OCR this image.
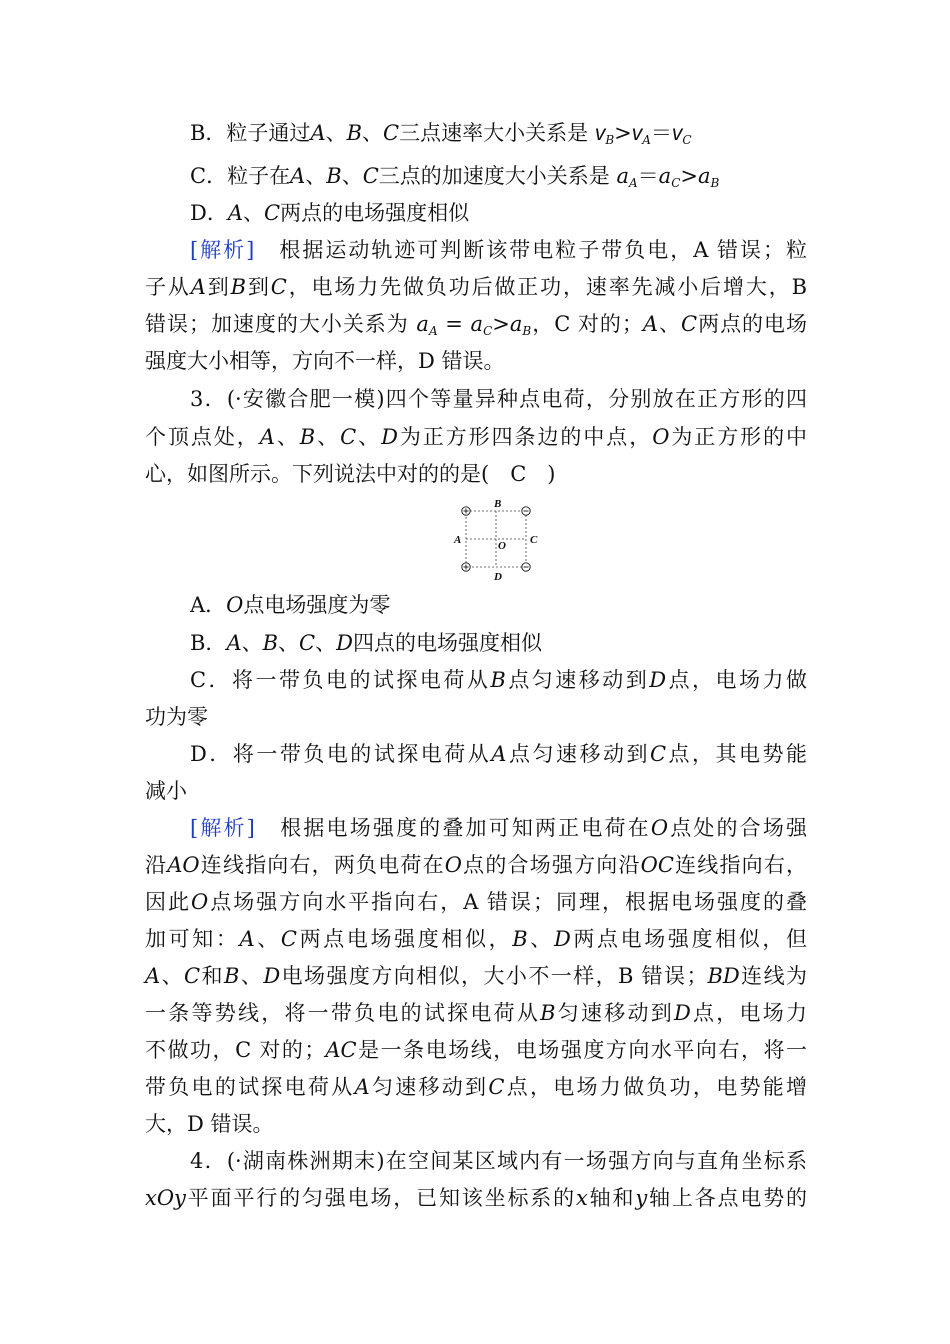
B．粒子通过A、B、C三点速率大小关系是 $v_B>v_A=v_C$
C．粒子在A、B、C三点的加速度大小关系是 $a_A=a_C>a_B$
D．A、C两点的电场强度相似
[解析]　根据运动轨迹可判断该带电粒子带负电，A 错误；粒
子从A到B到C，电场力先做负功后做正功，速率先减小后增大，B
错误；加速度的大小关系为 $a_A = a_C>a_B$，C 对的；A、C两点的电场
强度大小相等，方向不一样，D 错误。
3．(·安徽合肥一模)四个等量异种点电荷，分别放在正方形的四
个顶点处，A、B、C、D为正方形四条边的中点，O为正方形的中
心，如图所示。下列说法中对的的是(　C　)
B
A	O C
D
A．O点电场强度为零
B．A、B、C、D四点的电场强度相似
C．将一带负电的试探电荷从B点匀速移动到D点，电场力做
功为零
D．将一带负电的试探电荷从A点匀速移动到C点，其电势能
减小
[解析]　根据电场强度的叠加可知两正电荷在O点处的合场强
沿AO连线指向右，两负电荷在O点的合场强方向沿OC连线指向右，
因此O点场强方向水平指向右，A 错误；同理，根据电场强度的叠
加可知：A、C两点电场强度相似，B、D两点电场强度相似，但
A、C和B、D电场强度方向相似，大小不一样，B 错误；BD连线为
一条等势线，将一带负电的试探电荷从B匀速移动到D点，电场力
不做功，C 对的；AC是一条电场线，电场强度方向水平向右，将一
带负电的试探电荷从A匀速移动到C点，电场力做负功，电势能增
大，D 错误。
4．(·湖南株洲期末)在空间某区域内有一场强方向与直角坐标系
xOy平面平行的匀强电场，已知该坐标系的x轴和y轴上各点电势的
